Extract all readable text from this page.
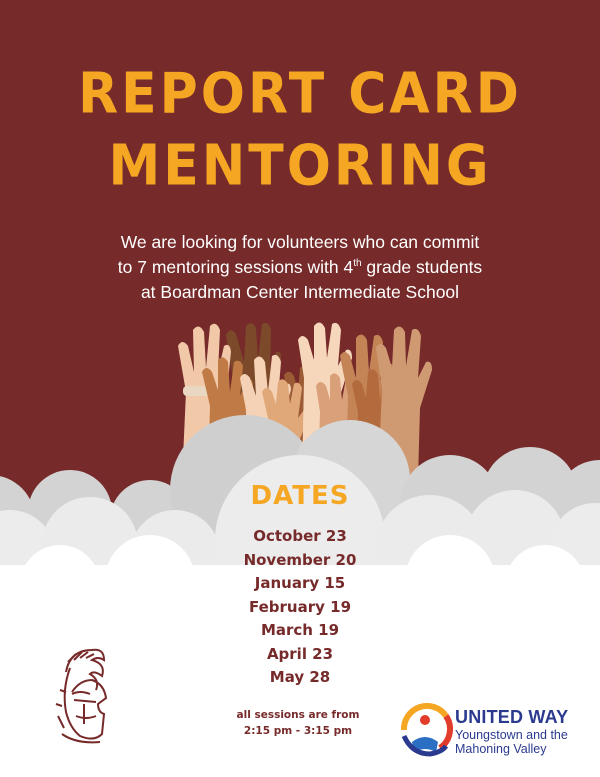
REPORT CARD
MENTORING
We are looking for volunteers who can commit
to 7 mentoring sessions with 4th grade students
at Boardman Center Intermediate School
DATES
October 23
November 20
January 15
February 19
March 19
April 23
May 28
all sessions are from
2:15 pm - 3:15 pm
UNITED WAY
Youngstown and the
Mahoning Valley
